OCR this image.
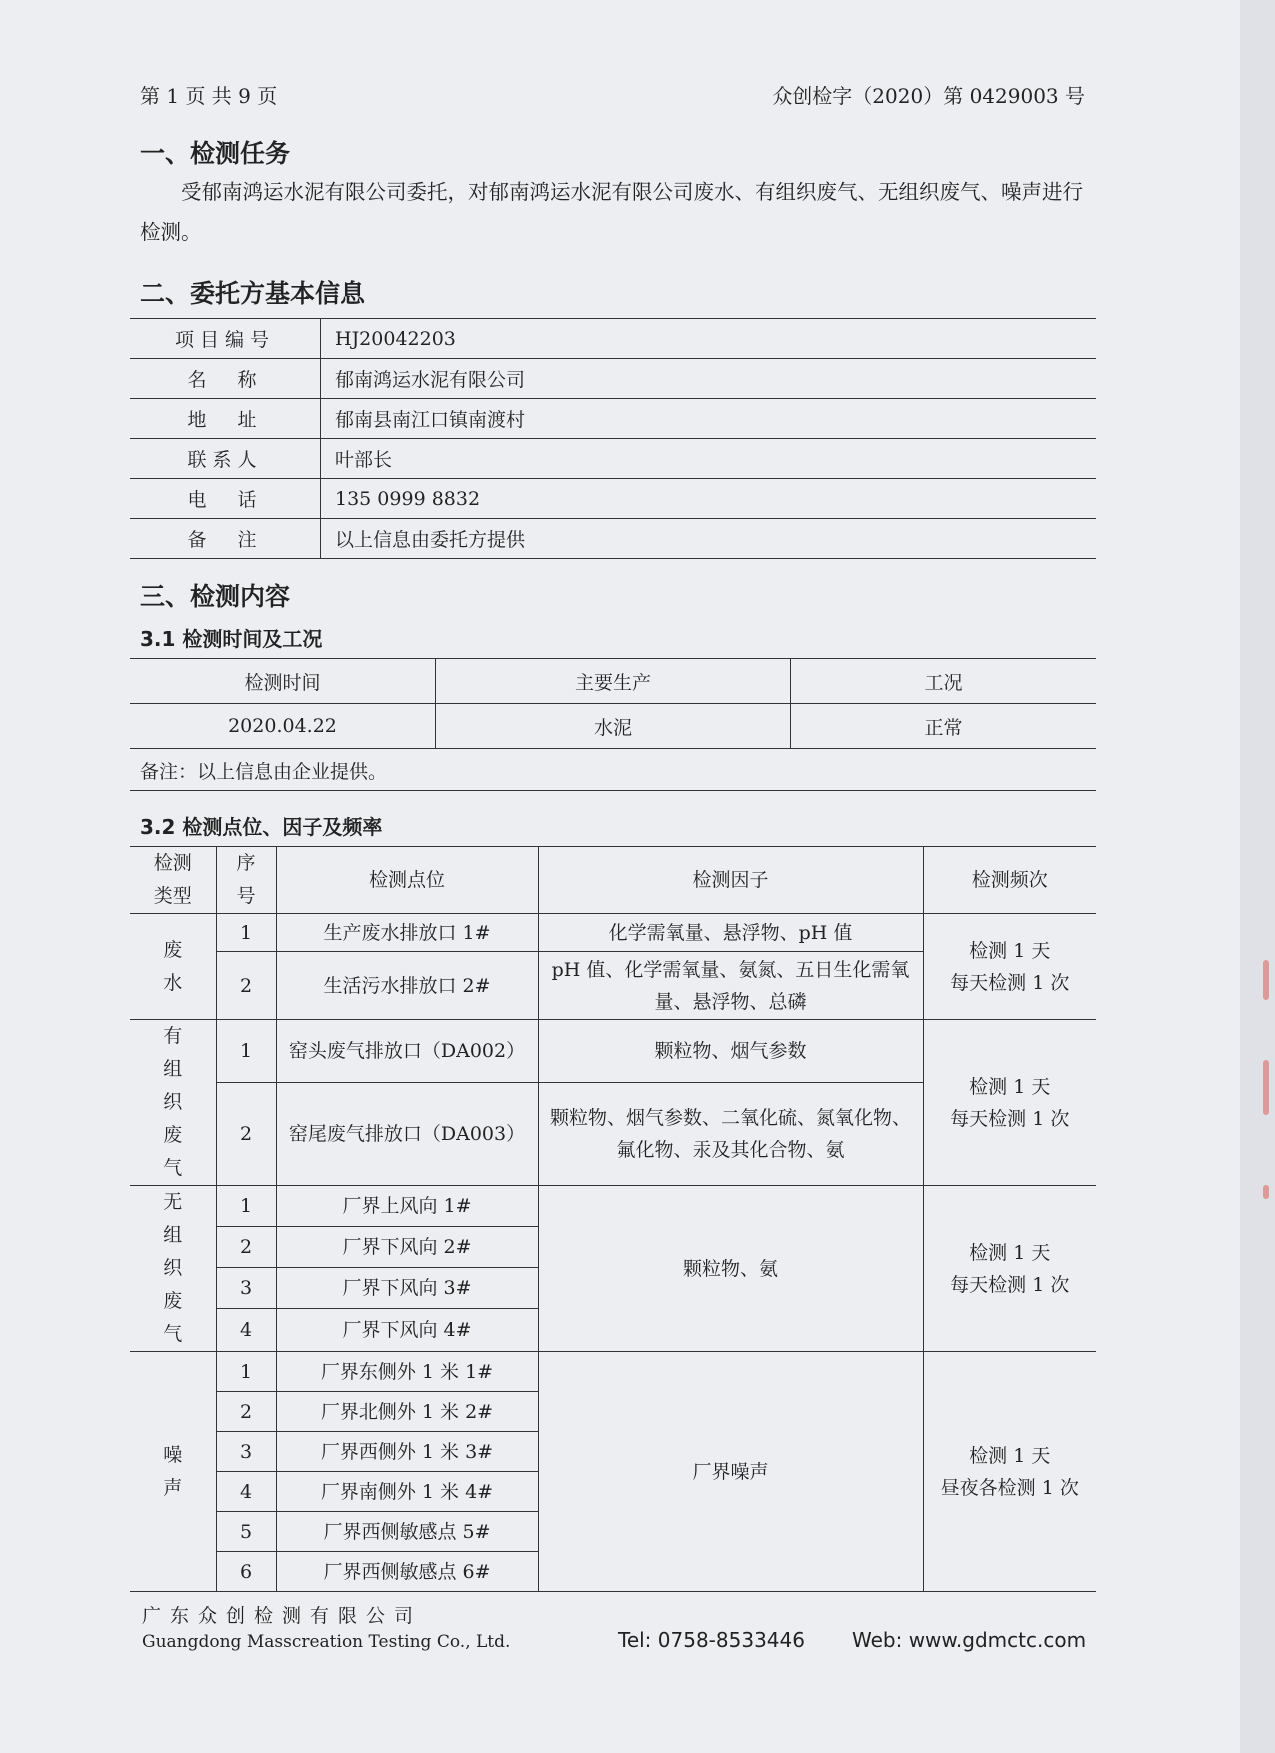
第 1 页 共 9 页	众创检字（2020）第 0429003 号
一、检测任务
受郁南鸿运水泥有限公司委托，对郁南鸿运水泥有限公司废水、有组织废气、无组织废气、噪声进行检测。
二、委托方基本信息
项目编号	HJ20042203
名　称	郁南鸿运水泥有限公司
地　址	郁南县南江口镇南渡村
联系人	叶部长
电　话	135 0999 8832
备　注	以上信息由委托方提供
三、检测内容
3.1 检测时间及工况
检测时间	主要生产	工况
2020.04.22	水泥	正常
备注：以上信息由企业提供。
3.2 检测点位、因子及频率
检测类型	序号	检测点位	检测因子	检测频次
废水	1	生产废水排放口 1#	化学需氧量、悬浮物、pH 值	检测 1 天
每天检测 1 次

	2	生活污水排放口 2#	pH 值、化学需氧量、氨氮、五日生化需氧量、悬浮物、总磷	
有组织废气	1	窑头废气排放口（DA002）	颗粒物、烟气参数	检测 1 天
每天检测 1 次

	2	窑尾废气排放口（DA003）	颗粒物、烟气参数、二氧化硫、氮氧化物、氟化物、汞及其化合物、氨	
无组织废气	1	厂界上风向 1#	颗粒物、氨	检测 1 天
每天检测 1 次

	2	厂界下风向 2#		
	3	厂界下风向 3#		
	4	厂界下风向 4#		
噪声	1	厂界东侧外 1 米 1#	厂界噪声	检测 1 天
昼夜各检测 1 次

	2	厂界北侧外 1 米 2#		
	3	厂界西侧外 1 米 3#		
	4	厂界南侧外 1 米 4#		
	5	厂界西侧敏感点 5#		
	6	厂界西侧敏感点 6#		
广东众创检测有限公司
Guangdong Masscreation Testing Co., Ltd.	Tel: 0758-8533446 Web: www.gdmctc.com
